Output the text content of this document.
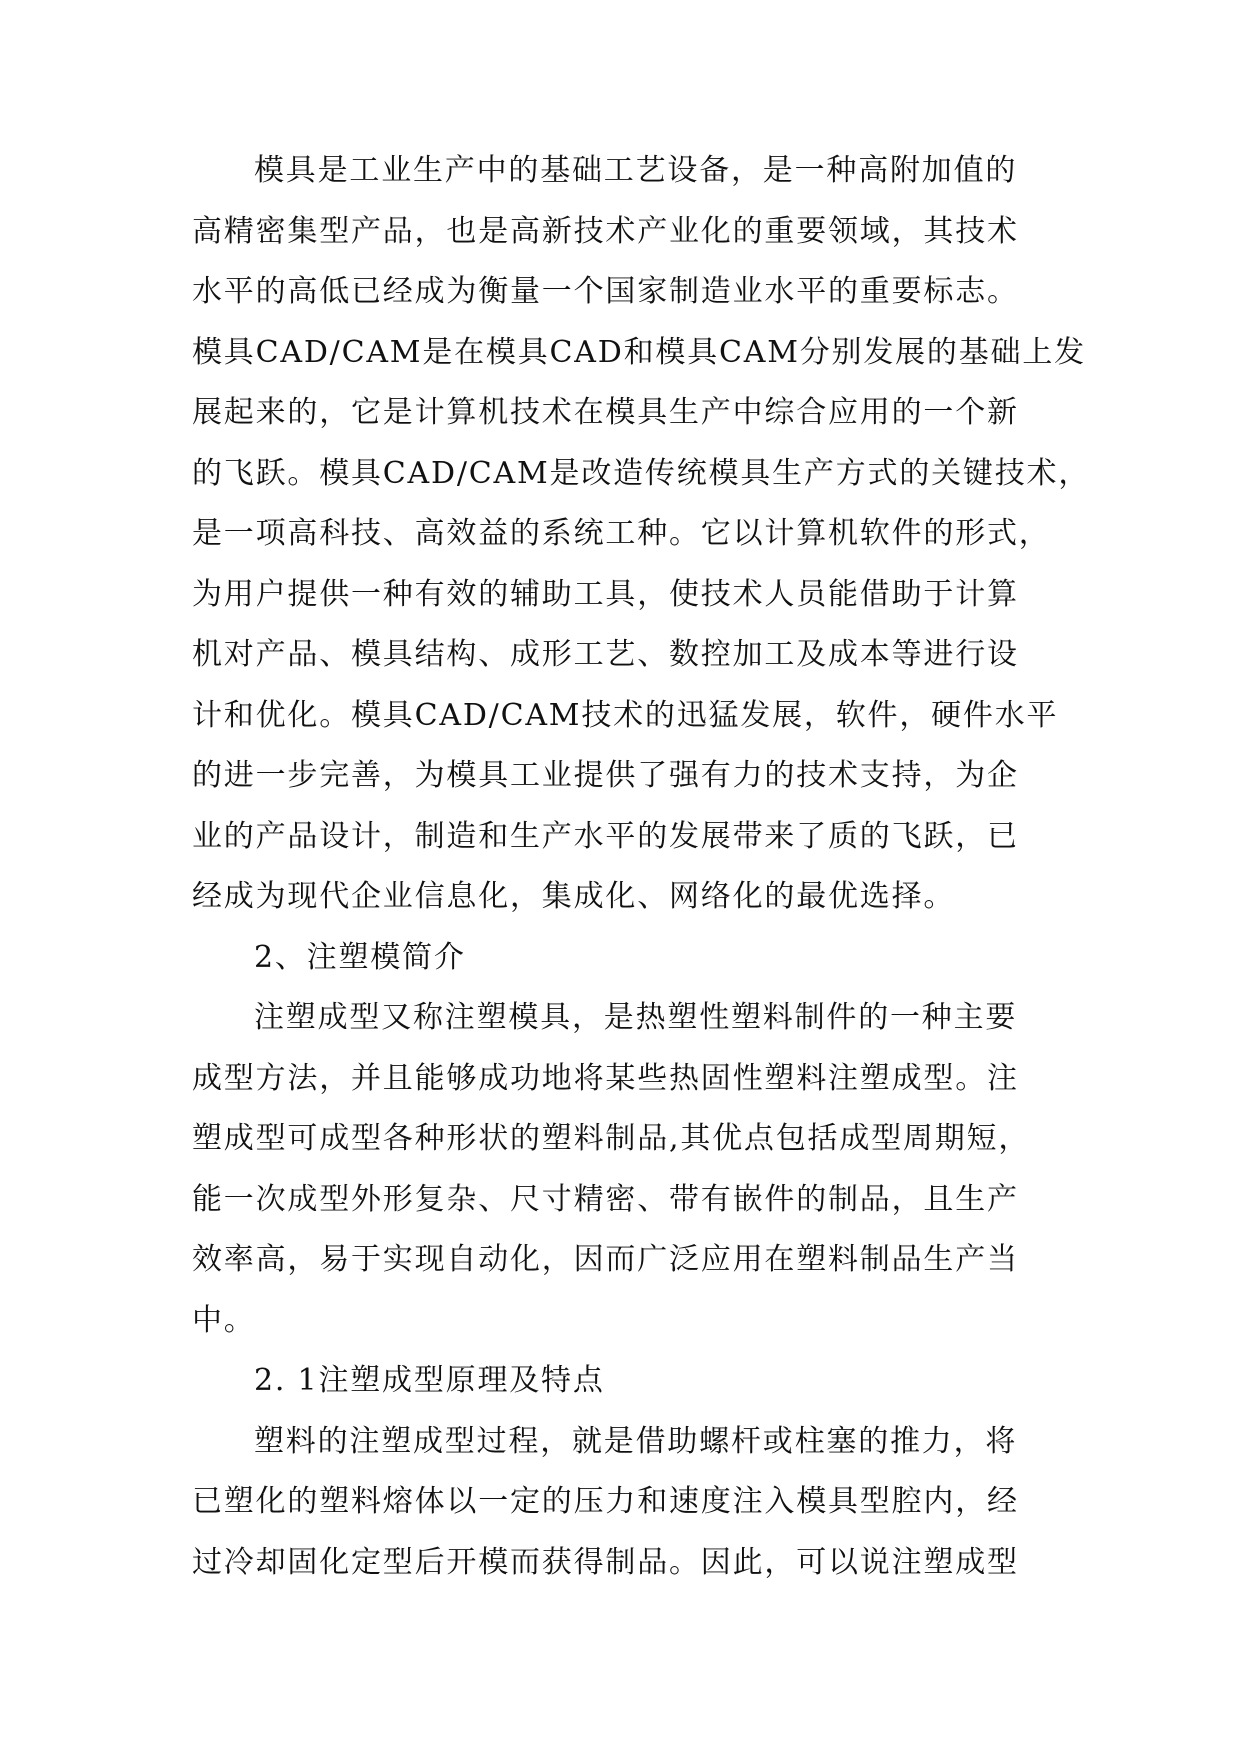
模具是工业生产中的基础工艺设备，是一种高附加值的
高精密集型产品，也是高新技术产业化的重要领域，其技术
水平的高低已经成为衡量一个国家制造业水平的重要标志。
模具CAD/CAM是在模具CAD和模具CAM分别发展的基础上发
展起来的，它是计算机技术在模具生产中综合应用的一个新
的飞跃。模具CAD/CAM是改造传统模具生产方式的关键技术，
是一项高科技、高效益的系统工种。它以计算机软件的形式，
为用户提供一种有效的辅助工具，使技术人员能借助于计算
机对产品、模具结构、成形工艺、数控加工及成本等进行设
计和优化。模具CAD/CAM技术的迅猛发展，软件，硬件水平
的进一步完善，为模具工业提供了强有力的技术支持，为企
业的产品设计，制造和生产水平的发展带来了质的飞跃，已
经成为现代企业信息化，集成化、网络化的最优选择。
2、注塑模简介
注塑成型又称注塑模具，是热塑性塑料制件的一种主要
成型方法，并且能够成功地将某些热固性塑料注塑成型。注
塑成型可成型各种形状的塑料制品,其优点包括成型周期短，
能一次成型外形复杂、尺寸精密、带有嵌件的制品，且生产
效率高，易于实现自动化，因而广泛应用在塑料制品生产当
中。
2. 1注塑成型原理及特点
塑料的注塑成型过程，就是借助螺杆或柱塞的推力，将
已塑化的塑料熔体以一定的压力和速度注入模具型腔内，经
过冷却固化定型后开模而获得制品。因此，可以说注塑成型
